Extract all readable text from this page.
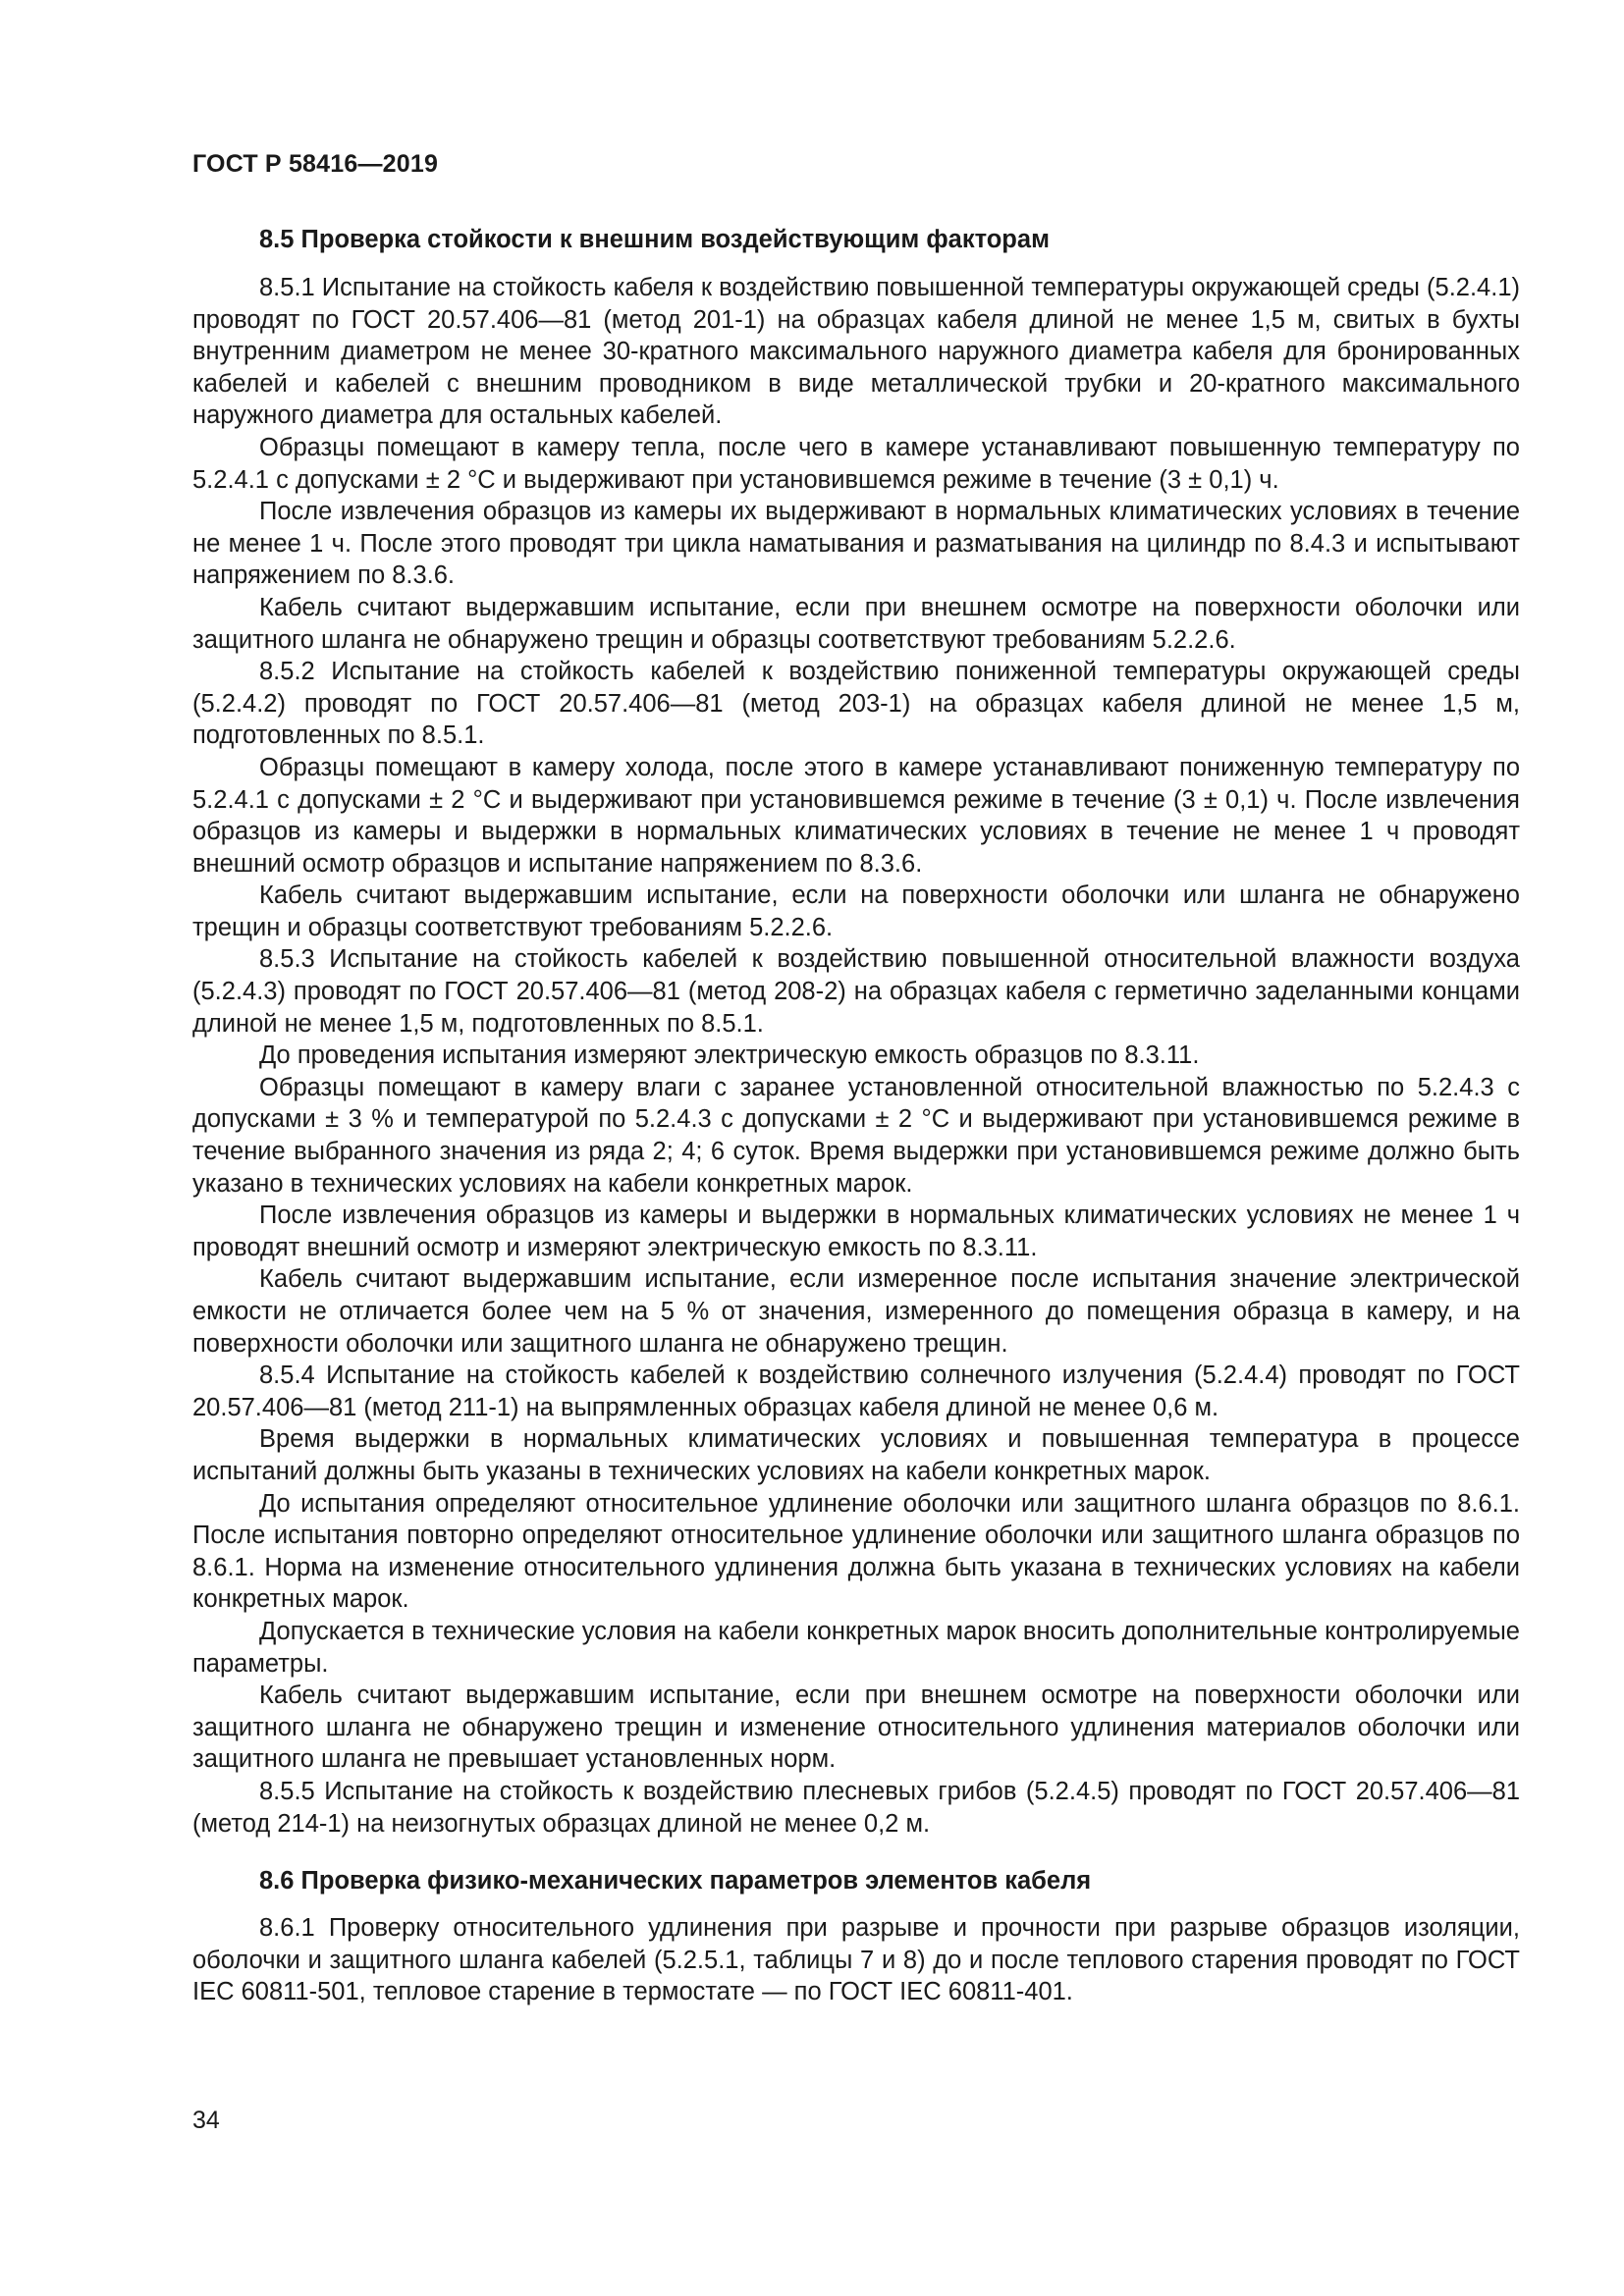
ГОСТ Р 58416—2019
8.5 Проверка стойкости к внешним воздействующим факторам

8.5.1 Испытание на стойкость кабеля к воздействию повышенной температуры окружающей среды (5.2.4.1) проводят по ГОСТ 20.57.406—81 (метод 201-1) на образцах кабеля длиной не менее 1,5 м, свитых в бухты внутренним диаметром не менее 30-кратного максимального наружного диаметра кабеля для бронированных кабелей и кабелей с внешним проводником в виде металлической трубки и 20-кратного максимального наружного диаметра для остальных кабелей.

Образцы помещают в камеру тепла, после чего в камере устанавливают повышенную температуру по 5.2.4.1 с допусками ± 2 °С и выдерживают при установившемся режиме в течение (3 ± 0,1) ч.

После извлечения образцов из камеры их выдерживают в нормальных климатических условиях в течение не менее 1 ч. После этого проводят три цикла наматывания и разматывания на цилиндр по 8.4.3 и испытывают напряжением по 8.3.6.

Кабель считают выдержавшим испытание, если при внешнем осмотре на поверхности оболочки или защитного шланга не обнаружено трещин и образцы соответствуют требованиям 5.2.2.6.

8.5.2 Испытание на стойкость кабелей к воздействию пониженной температуры окружающей среды (5.2.4.2) проводят по ГОСТ 20.57.406—81 (метод 203-1) на образцах кабеля длиной не менее 1,5 м, подготовленных по 8.5.1.

Образцы помещают в камеру холода, после этого в камере устанавливают пониженную температуру по 5.2.4.1 с допусками ± 2 °С и выдерживают при установившемся режиме в течение (3 ± 0,1) ч. После извлечения образцов из камеры и выдержки в нормальных климатических условиях в течение не менее 1 ч проводят внешний осмотр образцов и испытание напряжением по 8.3.6.

Кабель считают выдержавшим испытание, если на поверхности оболочки или шланга не обнаружено трещин и образцы соответствуют требованиям 5.2.2.6.

8.5.3 Испытание на стойкость кабелей к воздействию повышенной относительной влажности воздуха (5.2.4.3) проводят по ГОСТ 20.57.406—81 (метод 208-2) на образцах кабеля с герметично заделанными концами длиной не менее 1,5 м, подготовленных по 8.5.1.

До проведения испытания измеряют электрическую емкость образцов по 8.3.11.

Образцы помещают в камеру влаги с заранее установленной относительной влажностью по 5.2.4.3 с допусками ± 3 % и температурой по 5.2.4.3 с допусками ± 2 °С и выдерживают при установившемся режиме в течение выбранного значения из ряда 2; 4; 6 суток. Время выдержки при установившемся режиме должно быть указано в технических условиях на кабели конкретных марок.

После извлечения образцов из камеры и выдержки в нормальных климатических условиях не менее 1 ч проводят внешний осмотр и измеряют электрическую емкость по 8.3.11.

Кабель считают выдержавшим испытание, если измеренное после испытания значение электрической емкости не отличается более чем на 5 % от значения, измеренного до помещения образца в камеру, и на поверхности оболочки или защитного шланга не обнаружено трещин.

8.5.4 Испытание на стойкость кабелей к воздействию солнечного излучения (5.2.4.4) проводят по ГОСТ 20.57.406—81 (метод 211-1) на выпрямленных образцах кабеля длиной не менее 0,6 м.

Время выдержки в нормальных климатических условиях и повышенная температура в процессе испытаний должны быть указаны в технических условиях на кабели конкретных марок.

До испытания определяют относительное удлинение оболочки или защитного шланга образцов по 8.6.1. После испытания повторно определяют относительное удлинение оболочки или защитного шланга образцов по 8.6.1. Норма на изменение относительного удлинения должна быть указана в технических условиях на кабели конкретных марок.

Допускается в технические условия на кабели конкретных марок вносить дополнительные контролируемые параметры.

Кабель считают выдержавшим испытание, если при внешнем осмотре на поверхности оболочки или защитного шланга не обнаружено трещин и изменение относительного удлинения материалов оболочки или защитного шланга не превышает установленных норм.

8.5.5 Испытание на стойкость к воздействию плесневых грибов (5.2.4.5) проводят по ГОСТ 20.57.406—81 (метод 214-1) на неизогнутых образцах длиной не менее 0,2 м.

8.6 Проверка физико-механических параметров элементов кабеля

8.6.1 Проверку относительного удлинения при разрыве и прочности при разрыве образцов изоляции, оболочки и защитного шланга кабелей (5.2.5.1, таблицы 7 и 8) до и после теплового старения проводят по ГОСТ IEC 60811-501, тепловое старение в термостате — по ГОСТ IEC 60811-401.

34
